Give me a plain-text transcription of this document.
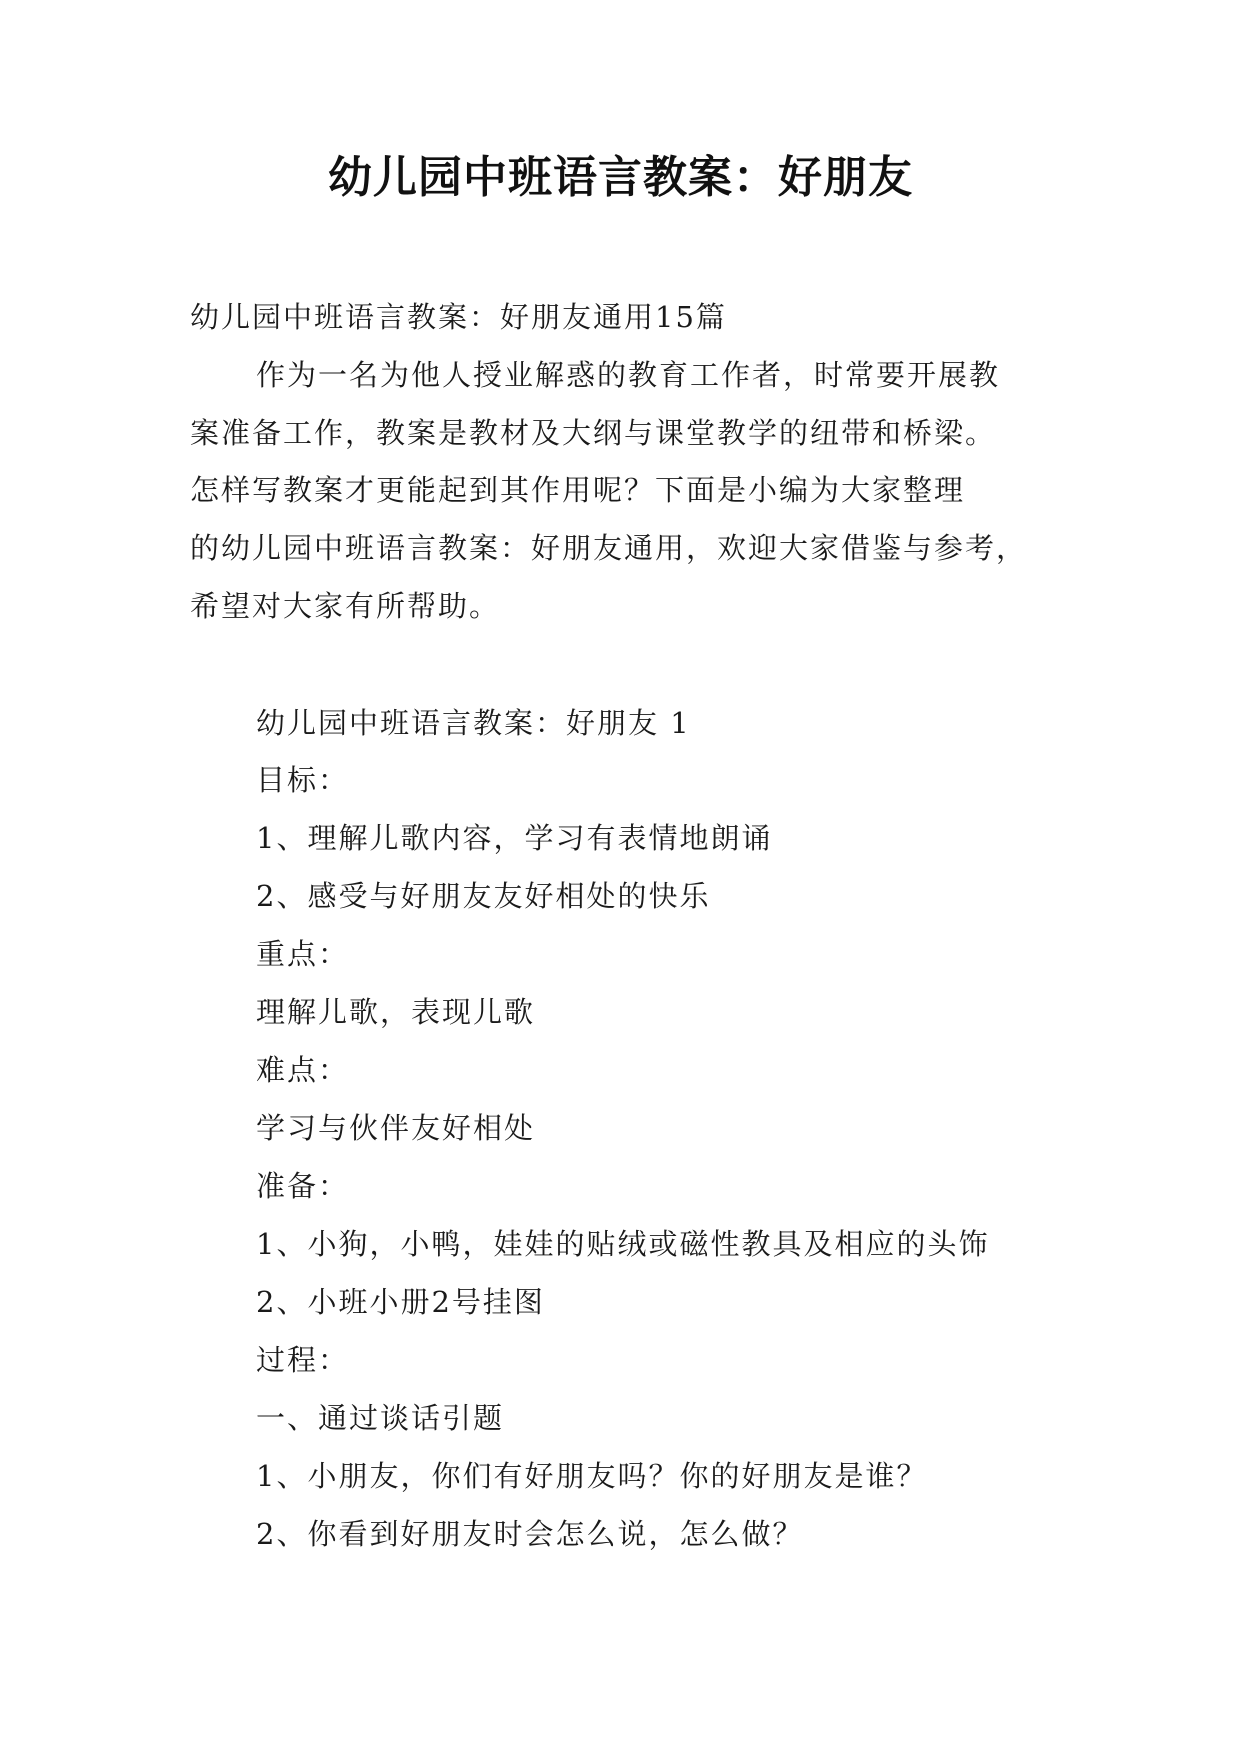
幼儿园中班语言教案：好朋友
幼儿园中班语言教案：好朋友通用15篇
作为一名为他人授业解惑的教育工作者，时常要开展教
案准备工作，教案是教材及大纲与课堂教学的纽带和桥梁。
怎样写教案才更能起到其作用呢？下面是小编为大家整理
的幼儿园中班语言教案：好朋友通用，欢迎大家借鉴与参考，
希望对大家有所帮助。
幼儿园中班语言教案：好朋友 1
目标：
1、理解儿歌内容，学习有表情地朗诵
2、感受与好朋友友好相处的快乐
重点：
理解儿歌，表现儿歌
难点：
学习与伙伴友好相处
准备：
1、小狗，小鸭，娃娃的贴绒或磁性教具及相应的头饰
2、小班小册2号挂图
过程：
一、通过谈话引题
1、小朋友，你们有好朋友吗？你的好朋友是谁？
2、你看到好朋友时会怎么说，怎么做？
